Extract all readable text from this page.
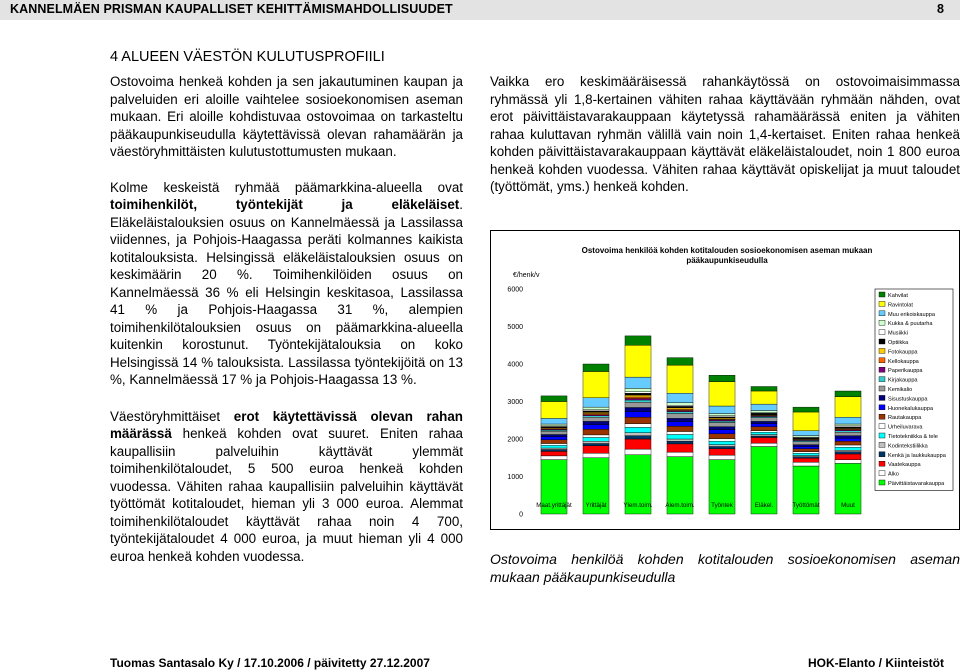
KANNELMÄEN PRISMAN KAUPALLISET KEHITTÄMISMAHDOLLISUUDET	8
4 ALUEEN VÄESTÖN KULUTUSPROFIILI

Ostovoima henkeä kohden ja sen jakautuminen kaupan ja palveluiden eri aloille vaihtelee sosioekonomisen aseman mukaan. Eri aloille kohdistuvaa ostovoimaa on tarkasteltu pääkaupunkiseudulla käytettävissä olevan rahamäärän ja väestöryhmittäisten kulutustottumusten mukaan.

Kolme keskeistä ryhmää päämarkkina-alueella ovat toimihenkilöt, työntekijät ja eläkeläiset. Eläkeläistalouksien osuus on Kannelmäessä ja Lassilassa viidennes, ja Pohjois-Haagassa peräti kolmannes kaikista kotitalouksista. Helsingissä eläkeläistalouksien osuus on keskimäärin 20 %. Toimihenkilöiden osuus on Kannelmäessä 36 % eli Helsingin keskitasoa, Lassilassa 41 % ja Pohjois-Haagassa 31 %, alempien toimihenkilötalouksien osuus on päämarkkina-alueella kuitenkin korostunut. Työntekijätalouksia on koko Helsingissä 14 % talouksista. Lassilassa työntekijöitä on 13 %, Kannelmäessä 17 % ja Pohjois-Haagassa 13 %.

Väestöryhmittäiset erot käytettävissä olevan rahan määrässä henkeä kohden ovat suuret. Eniten rahaa kaupallisiin palveluihin käyttävät ylemmät toimihenkilötaloudet, 5 500 euroa henkeä kohden vuodessa. Vähiten rahaa kaupallisiin palveluihin käyttävät työttömät kotitaloudet, hieman yli 3 000 euroa. Alemmat toimihenkilötaloudet käyttävät rahaa noin 4 700, työntekijätaloudet 4 000 euroa, ja muut hieman yli 4 000 euroa henkeä kohden vuodessa.

Vaikka ero keskimääräisessä rahankäytössä on ostovoimaisimmassa ryhmässä yli 1,8-kertainen vähiten rahaa käyttävään ryhmään nähden, ovat erot päivittäistavarakauppaan käytetyssä rahamäärässä eniten ja vähiten rahaa kuluttavan ryhmän välillä vain noin 1,4-kertaiset. Eniten rahaa henkeä kohden päivittäistavarakauppaan käyttävät eläkeläistaloudet, noin 1 800 euroa henkeä kohden vuodessa. Vähiten rahaa käyttävät opiskelijat ja muut taloudet (työttömät, yms.) henkeä kohden.

Ostovoima henkilöä kohden kotitalouden sosioekonomisen aseman mukaan
pääkaupunkiseudulla
€/henk/v
0
1000
2000
3000
4000
5000
6000
Maat.yrittäjät Yrittäjät	Ylem.toim. Alem.toim.	Työntek	Eläkel.	Työttömät	Muut
Kahvilat
Ravintolat
Muu erikoiskauppa
Kukka & puutarha
Musiikki
Optiikka
Fotokauppa
Kellokauppa
Paperikauppa
Kirjakauppa
Kemikalio
Sisustuskauppa
Huonekalukauppa
Rautakauppa
Urheiluvarava
Tietotekniikka & tele
Kodintekstiilikka
Kenkä ja laukkukauppa
Vaatekauppa
Alko
Päivittäistavarakauppa
Ostovoima henkilöä kohden kotitalouden sosioekonomisen aseman mukaan pääkaupunkiseudulla
Tuomas Santasalo Ky / 17.10.2006 / päivitetty 27.12.2007	HOK-Elanto / Kiinteistöt
